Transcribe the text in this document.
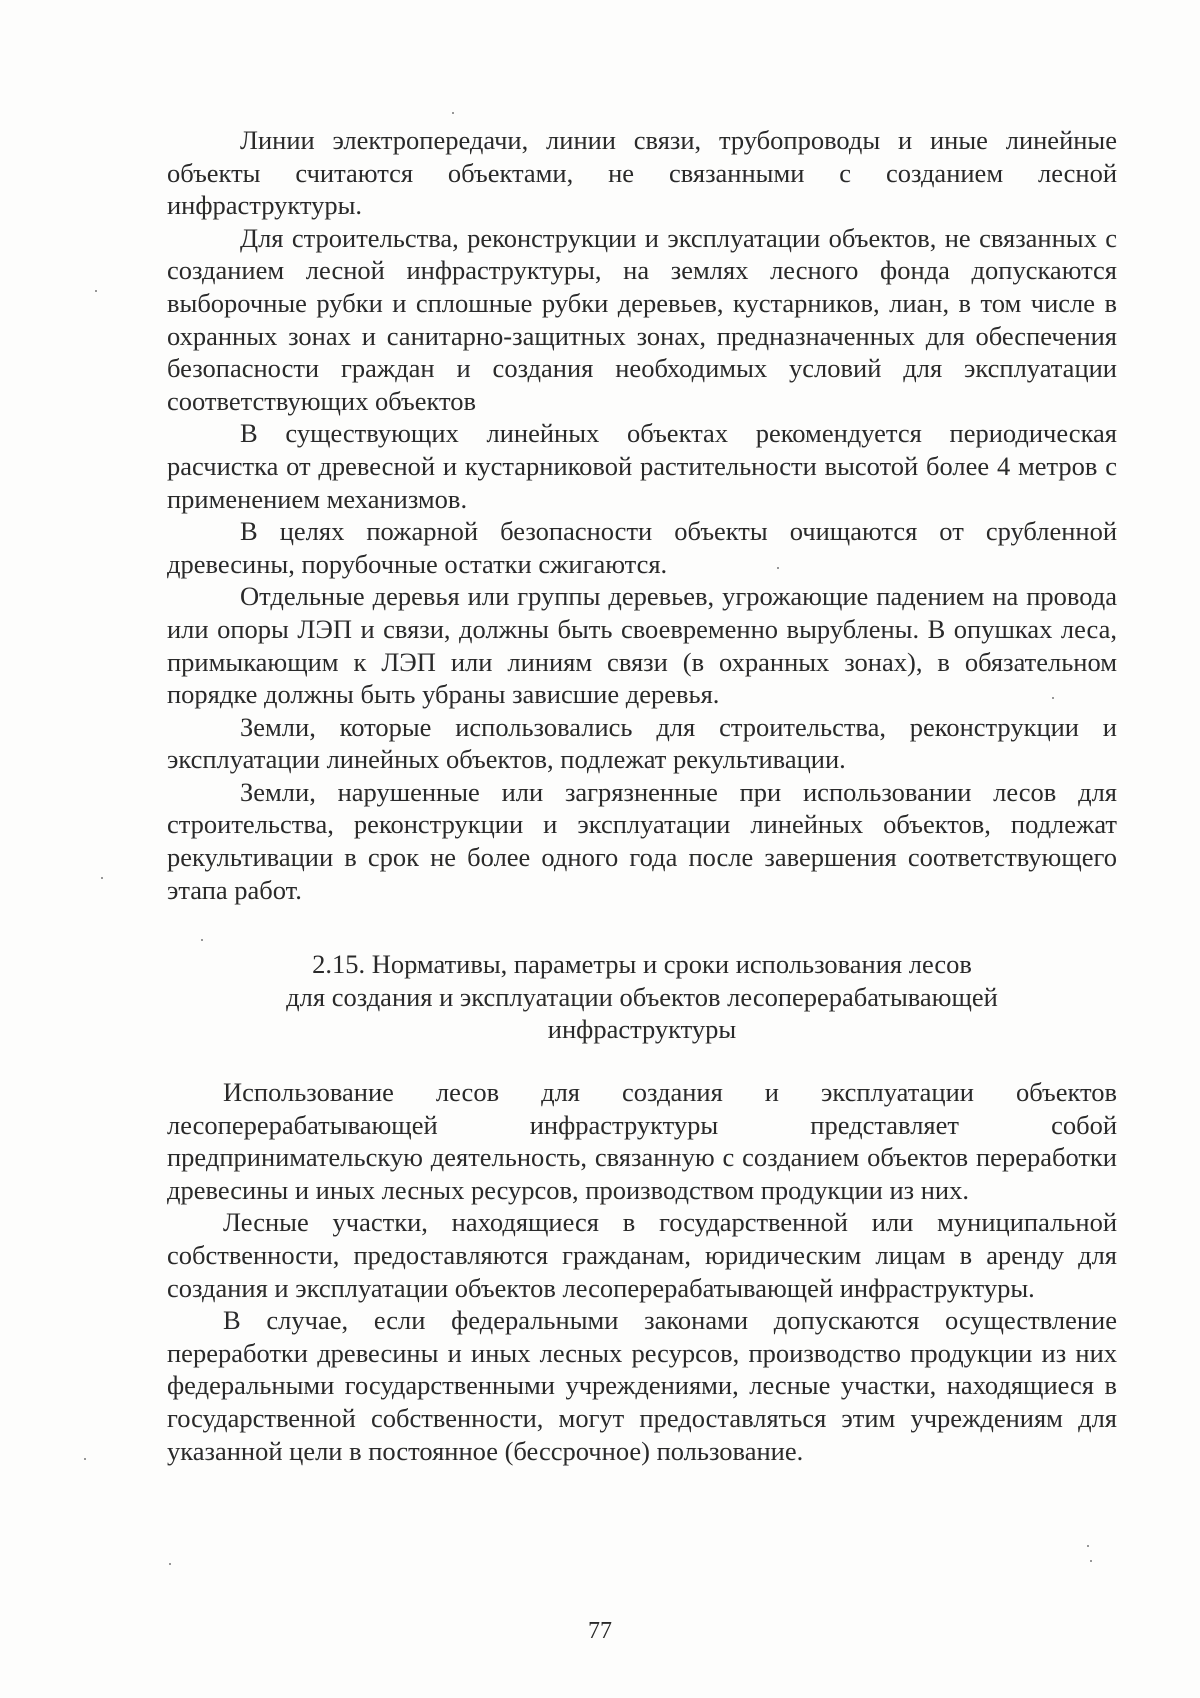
Линии электропередачи, линии связи, трубопроводы и иные линейные объекты считаются объектами, не связанными с созданием лесной инфраструктуры.

Для строительства, реконструкции и эксплуатации объектов, не связанных с созданием лесной инфраструктуры, на землях лесного фонда допускаются выборочные рубки и сплошные рубки деревьев, кустарников, лиан, в том числе в охранных зонах и санитарно-защитных зонах, предназначенных для обеспечения безопасности граждан и создания необходимых условий для эксплуатации соответствующих объектов

В существующих линейных объектах рекомендуется периодическая расчистка от древесной и кустарниковой растительности высотой более 4 метров с применением механизмов.

В целях пожарной безопасности объекты очищаются от срубленной древесины, порубочные остатки сжигаются.

Отдельные деревья или группы деревьев, угрожающие падением на провода или опоры ЛЭП и связи, должны быть своевременно вырублены. В опушках леса, примыкающим к ЛЭП или линиям связи (в охранных зонах), в обязательном порядке должны быть убраны зависшие деревья.

Земли, которые использовались для строительства, реконструкции и эксплуатации линейных объектов, подлежат рекультивации.

Земли, нарушенные или загрязненные при использовании лесов для строительства, реконструкции и эксплуатации линейных объектов, подлежат рекультивации в срок не более одного года после завершения соответствующего этапа работ.

2.15. Нормативы, параметры и сроки использования лесов
для создания и эксплуатации объектов лесоперерабатывающей
инфраструктуры

Использование лесов для создания и эксплуатации объектов лесоперерабатывающей инфраструктуры представляет собой предпринимательскую деятельность, связанную с созданием объектов переработки древесины и иных лесных ресурсов, производством продукции из них.

Лесные участки, находящиеся в государственной или муниципальной собственности, предоставляются гражданам, юридическим лицам в аренду для создания и эксплуатации объектов лесоперерабатывающей инфраструктуры.

В случае, если федеральными законами допускаются осуществление переработки древесины и иных лесных ресурсов, производство продукции из них федеральными государственными учреждениями, лесные участки, находящиеся в государственной собственности, могут предоставляться этим учреждениям для указанной цели в постоянное (бессрочное) пользование.

77
